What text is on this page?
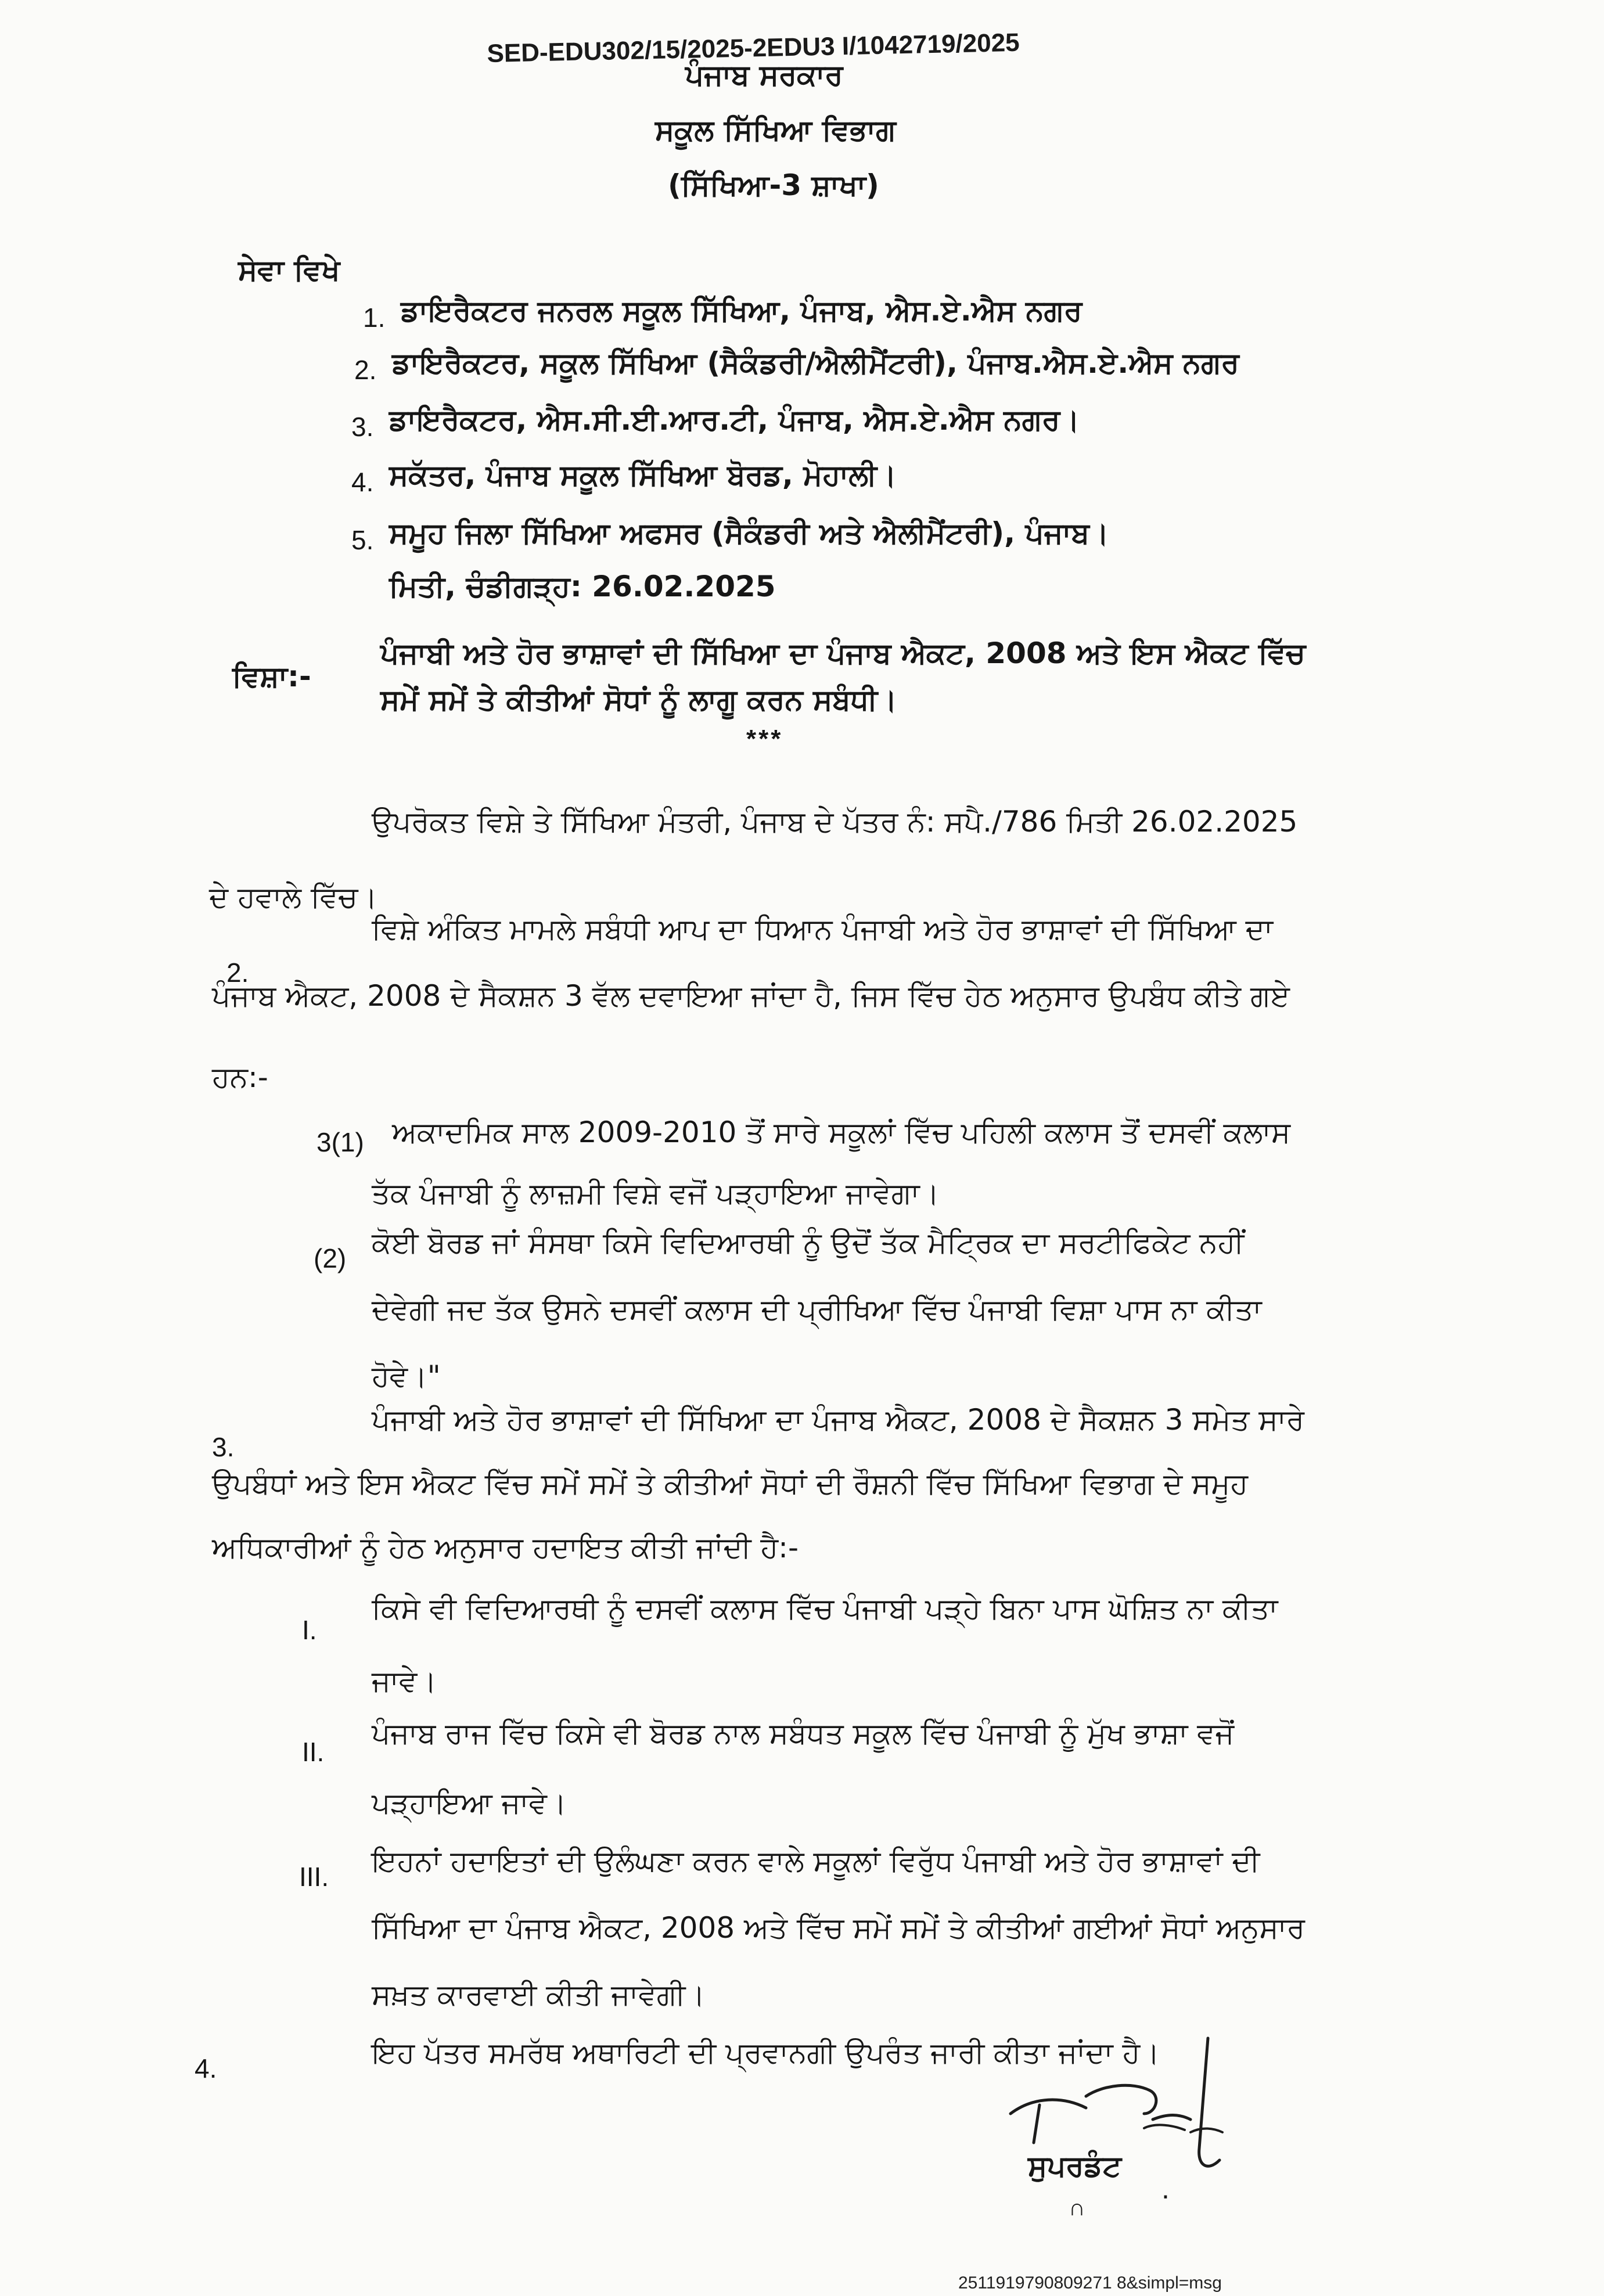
SED-EDU302/15/2025-2EDU3 I/1042719/2025
ਪੰਜਾਬ ਸਰਕਾਰ
ਸਕੂਲ ਸਿੱਖਿਆ ਵਿਭਾਗ
(ਸਿੱਖਿਆ-3 ਸ਼ਾਖਾ)
ਸੇਵਾ ਵਿਖੇ
1. ਡਾਇਰੈਕਟਰ ਜਨਰਲ ਸਕੂਲ ਸਿੱਖਿਆ, ਪੰਜਾਬ, ਐਸ.ਏ.ਐਸ ਨਗਰ
2. ਡਾਇਰੈਕਟਰ, ਸਕੂਲ ਸਿੱਖਿਆ (ਸੈਕੰਡਰੀ/ਐਲੀਮੈਂਟਰੀ), ਪੰਜਾਬ.ਐਸ.ਏ.ਐਸ ਨਗਰ
3. ਡਾਇਰੈਕਟਰ, ਐਸ.ਸੀ.ਈ.ਆਰ.ਟੀ, ਪੰਜਾਬ, ਐਸ.ਏ.ਐਸ ਨਗਰ।
4. ਸਕੱਤਰ, ਪੰਜਾਬ ਸਕੂਲ ਸਿੱਖਿਆ ਬੋਰਡ, ਮੋਹਾਲੀ।
5. ਸਮੂਹ ਜਿਲਾ ਸਿੱਖਿਆ ਅਫਸਰ (ਸੈਕੰਡਰੀ ਅਤੇ ਐਲੀਮੈਂਟਰੀ), ਪੰਜਾਬ।
ਮਿਤੀ, ਚੰਡੀਗੜ੍ਹ: 26.02.2025
ਵਿਸ਼ਾ:-
ਪੰਜਾਬੀ ਅਤੇ ਹੋਰ ਭਾਸ਼ਾਵਾਂ ਦੀ ਸਿੱਖਿਆ ਦਾ ਪੰਜਾਬ ਐਕਟ, 2008 ਅਤੇ ਇਸ ਐਕਟ ਵਿੱਚ
ਸਮੇਂ ਸਮੇਂ ਤੇ ਕੀਤੀਆਂ ਸੋਧਾਂ ਨੂੰ ਲਾਗੂ ਕਰਨ ਸਬੰਧੀ।
***
ਉਪਰੋਕਤ ਵਿਸ਼ੇ ਤੇ ਸਿੱਖਿਆ ਮੰਤਰੀ, ਪੰਜਾਬ ਦੇ ਪੱਤਰ ਨੰ: ਸਪੈ./786 ਮਿਤੀ 26.02.2025
ਦੇ ਹਵਾਲੇ ਵਿੱਚ।
2.
ਵਿਸ਼ੇ ਅੰਕਿਤ ਮਾਮਲੇ ਸਬੰਧੀ ਆਪ ਦਾ ਧਿਆਨ ਪੰਜਾਬੀ ਅਤੇ ਹੋਰ ਭਾਸ਼ਾਵਾਂ ਦੀ ਸਿੱਖਿਆ ਦਾ
ਪੰਜਾਬ ਐਕਟ, 2008 ਦੇ ਸੈਕਸ਼ਨ 3 ਵੱਲ ਦਵਾਇਆ ਜਾਂਦਾ ਹੈ, ਜਿਸ ਵਿੱਚ ਹੇਠ ਅਨੁਸਾਰ ਉਪਬੰਧ ਕੀਤੇ ਗਏ
ਹਨ:-
3(1) ਅਕਾਦਮਿਕ ਸਾਲ 2009-2010 ਤੋਂ ਸਾਰੇ ਸਕੂਲਾਂ ਵਿੱਚ ਪਹਿਲੀ ਕਲਾਸ ਤੋਂ ਦਸਵੀਂ ਕਲਾਸ
ਤੱਕ ਪੰਜਾਬੀ ਨੂੰ ਲਾਜ਼ਮੀ ਵਿਸ਼ੇ ਵਜੋਂ ਪੜ੍ਹਾਇਆ ਜਾਵੇਗਾ।
(2) ਕੋਈ ਬੋਰਡ ਜਾਂ ਸੰਸਥਾ ਕਿਸੇ ਵਿਦਿਆਰਥੀ ਨੂੰ ਉਦੋਂ ਤੱਕ ਮੈਟ੍ਰਿਕ ਦਾ ਸਰਟੀਫਿਕੇਟ ਨਹੀਂ
ਦੇਵੇਗੀ ਜਦ ਤੱਕ ਉਸਨੇ ਦਸਵੀਂ ਕਲਾਸ ਦੀ ਪ੍ਰੀਖਿਆ ਵਿੱਚ ਪੰਜਾਬੀ ਵਿਸ਼ਾ ਪਾਸ ਨਾ ਕੀਤਾ
ਹੋਵੇ।"
3.
ਪੰਜਾਬੀ ਅਤੇ ਹੋਰ ਭਾਸ਼ਾਵਾਂ ਦੀ ਸਿੱਖਿਆ ਦਾ ਪੰਜਾਬ ਐਕਟ, 2008 ਦੇ ਸੈਕਸ਼ਨ 3 ਸਮੇਤ ਸਾਰੇ
ਉਪਬੰਧਾਂ ਅਤੇ ਇਸ ਐਕਟ ਵਿੱਚ ਸਮੇਂ ਸਮੇਂ ਤੇ ਕੀਤੀਆਂ ਸੋਧਾਂ ਦੀ ਰੌਸ਼ਨੀ ਵਿੱਚ ਸਿੱਖਿਆ ਵਿਭਾਗ ਦੇ ਸਮੂਹ
ਅਧਿਕਾਰੀਆਂ ਨੂੰ ਹੇਠ ਅਨੁਸਾਰ ਹਦਾਇਤ ਕੀਤੀ ਜਾਂਦੀ ਹੈ:-
I.
ਕਿਸੇ ਵੀ ਵਿਦਿਆਰਥੀ ਨੂੰ ਦਸਵੀਂ ਕਲਾਸ ਵਿੱਚ ਪੰਜਾਬੀ ਪੜ੍ਹੇ ਬਿਨਾ ਪਾਸ ਘੋਸ਼ਿਤ ਨਾ ਕੀਤਾ
ਜਾਵੇ।
II.
ਪੰਜਾਬ ਰਾਜ ਵਿੱਚ ਕਿਸੇ ਵੀ ਬੋਰਡ ਨਾਲ ਸਬੰਧਤ ਸਕੂਲ ਵਿੱਚ ਪੰਜਾਬੀ ਨੂੰ ਮੁੱਖ ਭਾਸ਼ਾ ਵਜੋਂ
ਪੜ੍ਹਾਇਆ ਜਾਵੇ।
III. ਇਹਨਾਂ ਹਦਾਇਤਾਂ ਦੀ ਉਲੰਘਣਾ ਕਰਨ ਵਾਲੇ ਸਕੂਲਾਂ ਵਿਰੁੱਧ ਪੰਜਾਬੀ ਅਤੇ ਹੋਰ ਭਾਸ਼ਾਵਾਂ ਦੀ
ਸਿੱਖਿਆ ਦਾ ਪੰਜਾਬ ਐਕਟ, 2008 ਅਤੇ ਵਿੱਚ ਸਮੇਂ ਸਮੇਂ ਤੇ ਕੀਤੀਆਂ ਗਈਆਂ ਸੋਧਾਂ ਅਨੁਸਾਰ
ਸਖ਼ਤ ਕਾਰਵਾਈ ਕੀਤੀ ਜਾਵੇਗੀ।
4.	ਇਹ ਪੱਤਰ ਸਮਰੱਥ ਅਥਾਰਿਟੀ ਦੀ ਪ੍ਰਵਾਨਗੀ ਉਪਰੰਤ ਜਾਰੀ ਕੀਤਾ ਜਾਂਦਾ ਹੈ।
ਸੁਪਰਡੰਟ
.
∩
2511919790809271 8&simpl=msg
